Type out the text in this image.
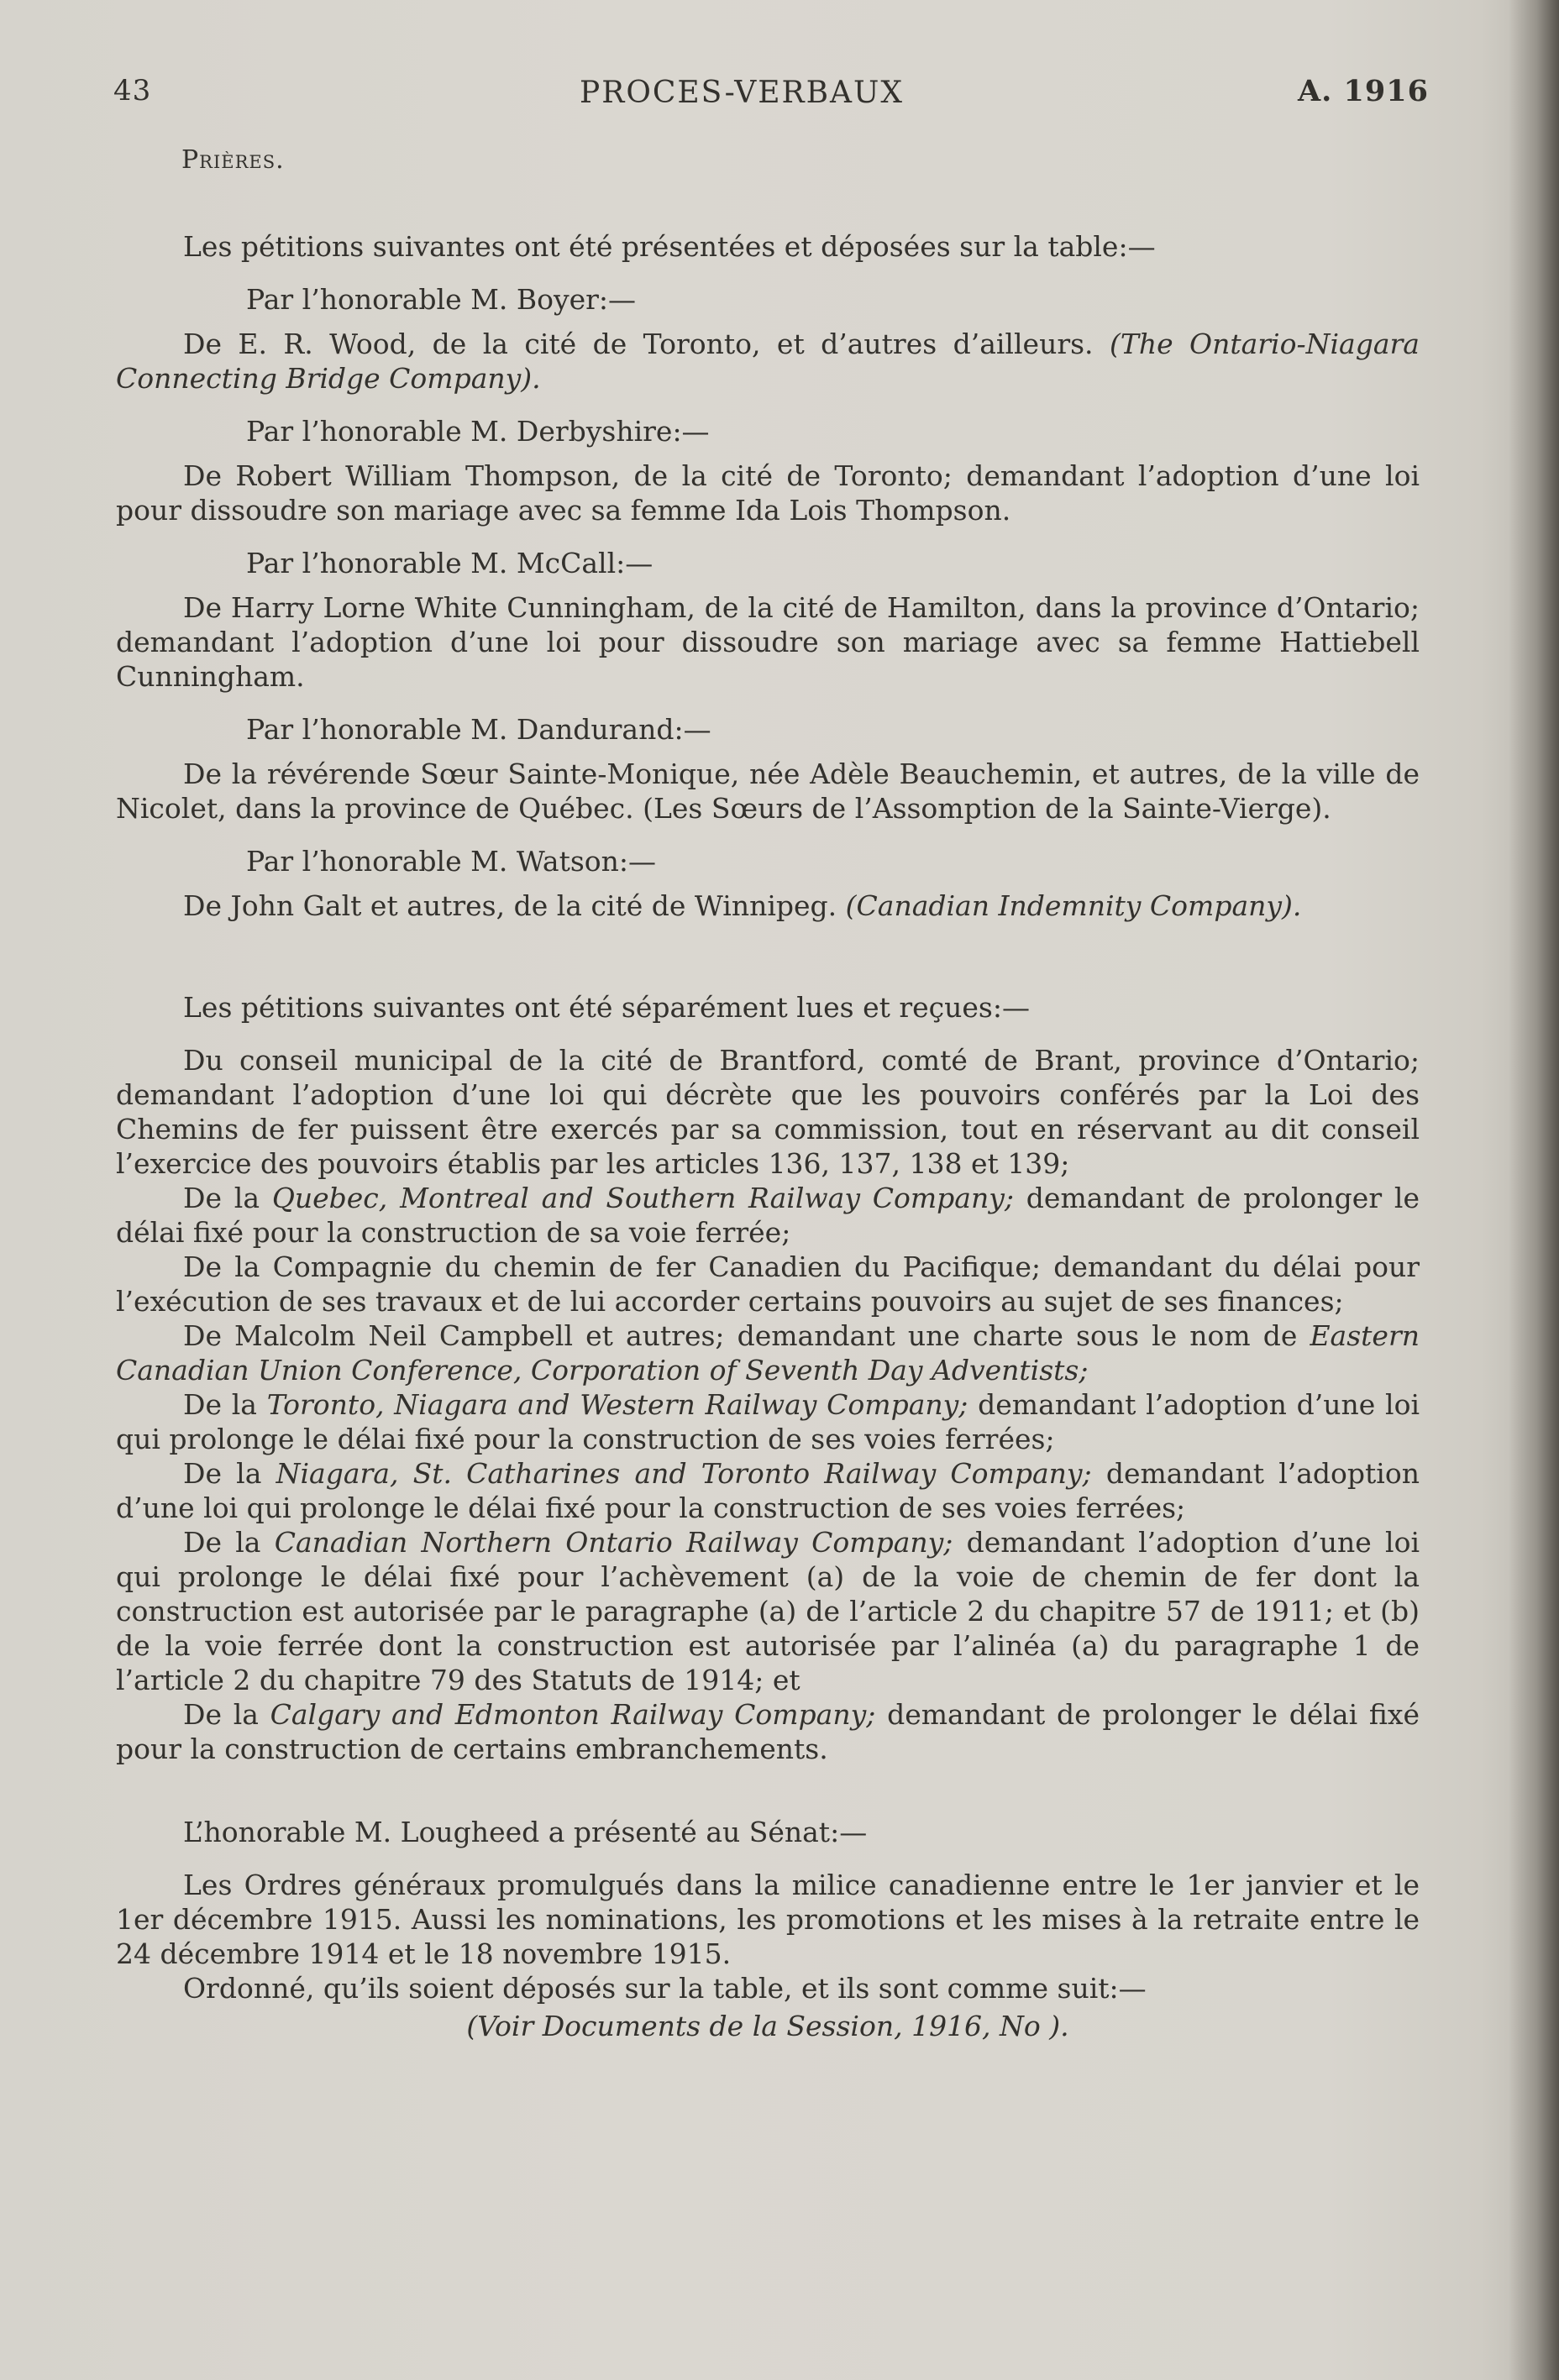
43	PROCES-VERBAUX	A. 1916
Prières.

Les pétitions suivantes ont été présentées et déposées sur la table:—

Par l’honorable M. Boyer:—

De E. R. Wood, de la cité de Toronto, et d’autres d’ailleurs. (The Ontario-Niagara Connecting Bridge Company).

Par l’honorable M. Derbyshire:—

De Robert William Thompson, de la cité de Toronto; demandant l’adoption d’une loi pour dissoudre son mariage avec sa femme Ida Lois Thompson.

Par l’honorable M. McCall:—

De Harry Lorne White Cunningham, de la cité de Hamilton, dans la province d’Ontario; demandant l’adoption d’une loi pour dissoudre son mariage avec sa femme Hattiebell Cunningham.

Par l’honorable M. Dandurand:—

De la révérende Sœur Sainte-Monique, née Adèle Beauchemin, et autres, de la ville de Nicolet, dans la province de Québec. (Les Sœurs de l’Assomption de la Sainte-Vierge).

Par l’honorable M. Watson:—

De John Galt et autres, de la cité de Winnipeg. (Canadian Indemnity Company).

Les pétitions suivantes ont été séparément lues et reçues:—

Du conseil municipal de la cité de Brantford, comté de Brant, province d’Ontario; demandant l’adoption d’une loi qui décrète que les pouvoirs conférés par la Loi des Chemins de fer puissent être exercés par sa commission, tout en réservant au dit conseil l’exercice des pouvoirs établis par les articles 136, 137, 138 et 139;

De la Quebec, Montreal and Southern Railway Company; demandant de prolonger le délai fixé pour la construction de sa voie ferrée;

De la Compagnie du chemin de fer Canadien du Pacifique; demandant du délai pour l’exécution de ses travaux et de lui accorder certains pouvoirs au sujet de ses finances;

De Malcolm Neil Campbell et autres; demandant une charte sous le nom de Eastern Canadian Union Conference, Corporation of Seventh Day Adventists;

De la Toronto, Niagara and Western Railway Company; demandant l’adoption d’une loi qui prolonge le délai fixé pour la construction de ses voies ferrées;

De la Niagara, St. Catharines and Toronto Railway Company; demandant l’adoption d’une loi qui prolonge le délai fixé pour la construction de ses voies ferrées;

De la Canadian Northern Ontario Railway Company; demandant l’adoption d’une loi qui prolonge le délai fixé pour l’achèvement (a) de la voie de chemin de fer dont la construction est autorisée par le paragraphe (a) de l’article 2 du chapitre 57 de 1911; et (b) de la voie ferrée dont la construction est autorisée par l’alinéa (a) du paragraphe 1 de l’article 2 du chapitre 79 des Statuts de 1914; et

De la Calgary and Edmonton Railway Company; demandant de prolonger le délai fixé pour la construction de certains embranchements.

L’honorable M. Lougheed a présenté au Sénat:—

Les Ordres généraux promulgués dans la milice canadienne entre le 1er janvier et le 1er décembre 1915. Aussi les nominations, les promotions et les mises à la retraite entre le 24 décembre 1914 et le 18 novembre 1915.

Ordonné, qu’ils soient déposés sur la table, et ils sont comme suit:—

(Voir Documents de la Session, 1916, No ).
